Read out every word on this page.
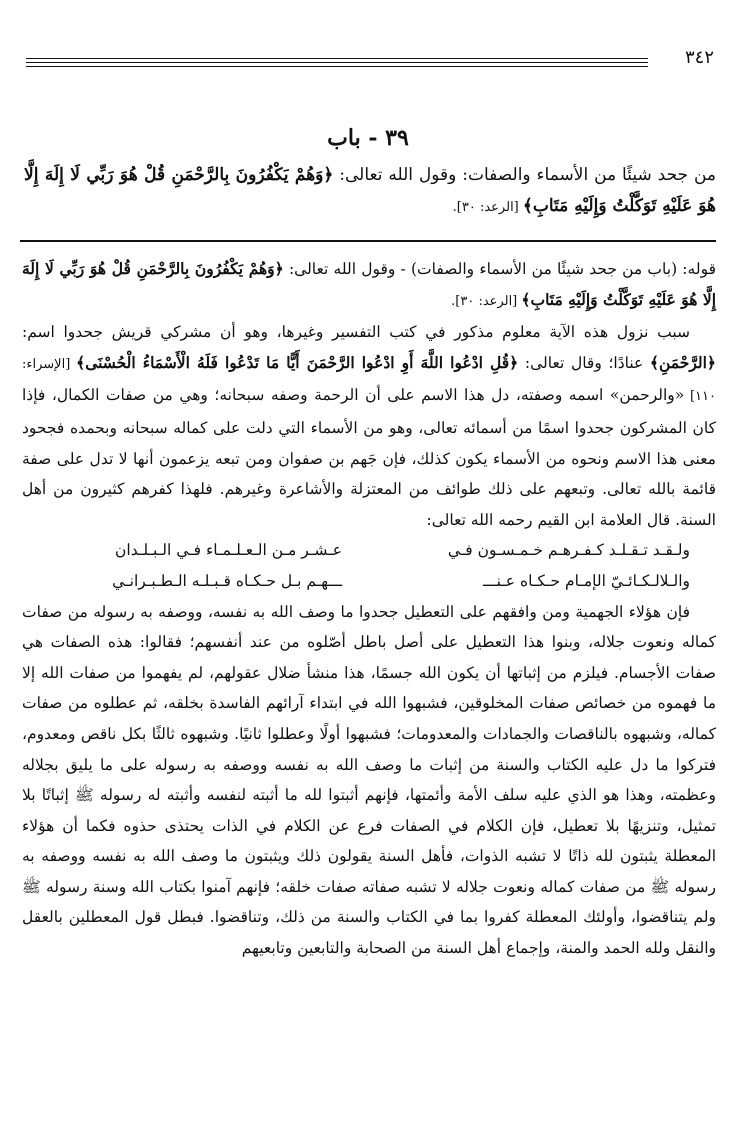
٣٤٢
٣٩ - باب
من جحد شيئًا من الأسماء والصفات: وقول الله تعالى: ﴿وَهُمْ يَكْفُرُونَ بِالرَّحْمَنِ قُلْ هُوَ رَبِّي لَا إِلَهَ إِلَّا هُوَ عَلَيْهِ تَوَكَّلْتُ وَإِلَيْهِ مَتَابِ﴾ [الرعد: ٣٠].

قوله: (باب من جحد شيئًا من الأسماء والصفات) - وقول الله تعالى: ﴿وَهُمْ يَكْفُرُونَ بِالرَّحْمَنِ قُلْ هُوَ رَبِّي لَا إِلَهَ إِلَّا هُوَ عَلَيْهِ تَوَكَّلْتُ وَإِلَيْهِ مَتَابِ﴾ [الرعد: ٣٠].

سبب نزول هذه الآية معلوم مذكور في كتب التفسير وغيرها، وهو أن مشركي قريش جحدوا اسم: ﴿الرَّحْمَنِ﴾ عنادًا؛ وقال تعالى: ﴿قُلِ ادْعُوا اللَّهَ أَوِ ادْعُوا الرَّحْمَنَ أَيًّا مَا تَدْعُوا فَلَهُ الْأَسْمَاءُ الْحُسْنَى﴾ [الإسراء: ١١٠] «والرحمن» اسمه وصفته، دل هذا الاسم على أن الرحمة وصفه سبحانه؛ وهي من صفات الكمال، فإذا كان المشركون جحدوا اسمًا من أسمائه تعالى، وهو من الأسماء التي دلت على كماله سبحانه وبحمده فجحود معنى هذا الاسم ونحوه من الأسماء يكون كذلك، فإن جَهم بن صفوان ومن تبعه يزعمون أنها لا تدل على صفة قائمة بالله تعالى. وتبعهم على ذلك طوائف من المعتزلة والأشاعرة وغيرهم. فلهذا كفرهم كثيرون من أهل السنة. قال العلامة ابن القيم رحمه الله تعالى:

ولـقـد تـقـلـد كـفـرهـم خـمـسـون فـي
عـشـر مـن الـعـلـمـاء فـي الـبـلـدان
والـلالـكـائـيّ الإمـام حـكـاه عـنـــ
ـــهـم بـل حـكـاه قـبـلـه الـطـبـرانـي

فإن هؤلاء الجهمية ومن وافقهم على التعطيل جحدوا ما وصف الله به نفسه، ووصفه به رسوله من صفات كماله ونعوت جلاله، وبنوا هذا التعطيل على أصل باطل أصّلوه من عند أنفسهم؛ فقالوا: هذه الصفات هي صفات الأجسام. فيلزم من إثباتها أن يكون الله جسمًا، هذا منشأ ضلال عقولهم، لم يفهموا من صفات الله إلا ما فهموه من خصائص صفات المخلوقين، فشبهوا الله في ابتداء آرائهم الفاسدة بخلقه، ثم عطلوه من صفات كماله، وشبهوه بالناقصات والجمادات والمعدومات؛ فشبهوا أولًا وعطلوا ثانيًا. وشبهوه ثالثًا بكل ناقص ومعدوم، فتركوا ما دل عليه الكتاب والسنة من إثبات ما وصف الله به نفسه ووصفه به رسوله على ما يليق بجلاله وعظمته، وهذا هو الذي عليه سلف الأمة وأئمتها، فإنهم أثبتوا لله ما أثبته لنفسه وأثبته له رسوله ﷺ إثباتًا بلا تمثيل، وتنزيهًا بلا تعطيل، فإن الكلام في الصفات فرع عن الكلام في الذات يحتذى حذوه فكما أن هؤلاء المعطلة يثبتون لله ذاتًا لا تشبه الذوات، فأهل السنة يقولون ذلك ويثبتون ما وصف الله به نفسه ووصفه به رسوله ﷺ من صفات كماله ونعوت جلاله لا تشبه صفاته صفات خلقه؛ فإنهم آمنوا بكتاب الله وسنة رسوله ﷺ ولم يتناقضوا، وأولئك المعطلة كفروا بما في الكتاب والسنة من ذلك، وتناقضوا. فبطل قول المعطلين بالعقل والنقل ولله الحمد والمنة، وإجماع أهل السنة من الصحابة والتابعين وتابعيهم
